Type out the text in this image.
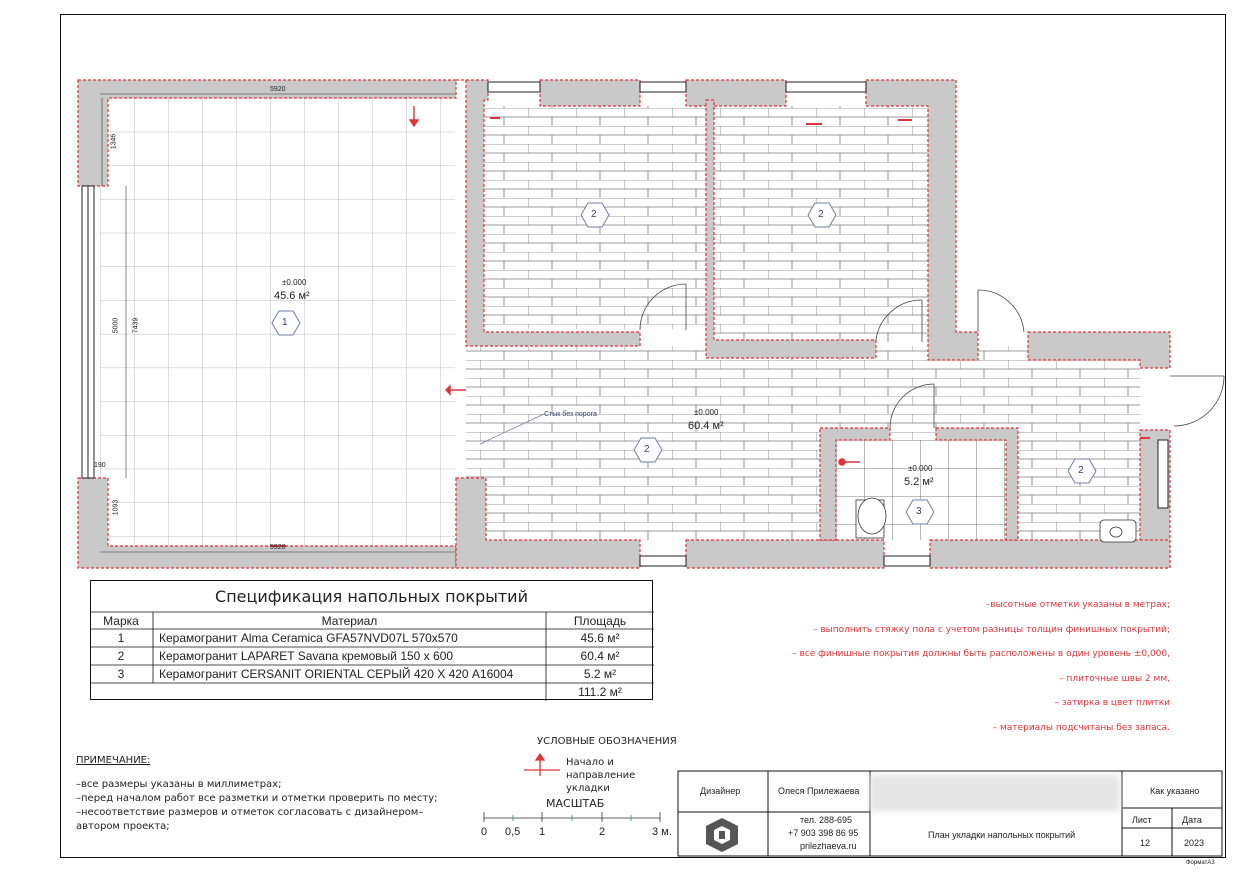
5920
5920
1346
5000 7439
1093
190
±0.000
45.6 м²
1
±0.000
60.4 м²
2
±0.000
5.2 м²
3
2	2
2
Стык без порога
Спецификация напольных покрытий
Марка	Материал	Площадь
1	Керамогранит Alma Ceramica GFA57NVD07L 570х570	45.6 м²
2	Керамогранит LAPARET Savana кремовый 150 х 600	60.4 м²
3	Керамогранит CERSANIT ORIENTAL СЕРЫЙ 420 Х 420 А16004	5.2 м²
111.2 м²
–высотные отметки указаны в метрах;
– выполнить стяжку пола с учетом разницы толщин финишных покрытий;
– все финишные покрытия должны быть расположены в один уровень ±0,000,
– плиточные швы 2 мм,
– затирка в цвет плитки
– материалы подсчитаны без запаса.
УСЛОВНЫЕ ОБОЗНАЧЕНИЯ
Начало и направление укладки
МАСШТАБ
0 0,5 1	2	3 м.
ПРИМЕЧАНИЕ:
–все размеры указаны в миллиметрах;
–перед началом работ все разметки и отметки проверить по месту;
–несоответствие размеров и отметок согласовать с дизайнером–автором проекта;
Дизайнер	Олеся Прилежаева
тел. 288-695
+7 903 398 86 95
prilezhaeva.ru
План укладки напольных покрытий
Как указано
Лист	Дата
12	2023
ФорматА3
